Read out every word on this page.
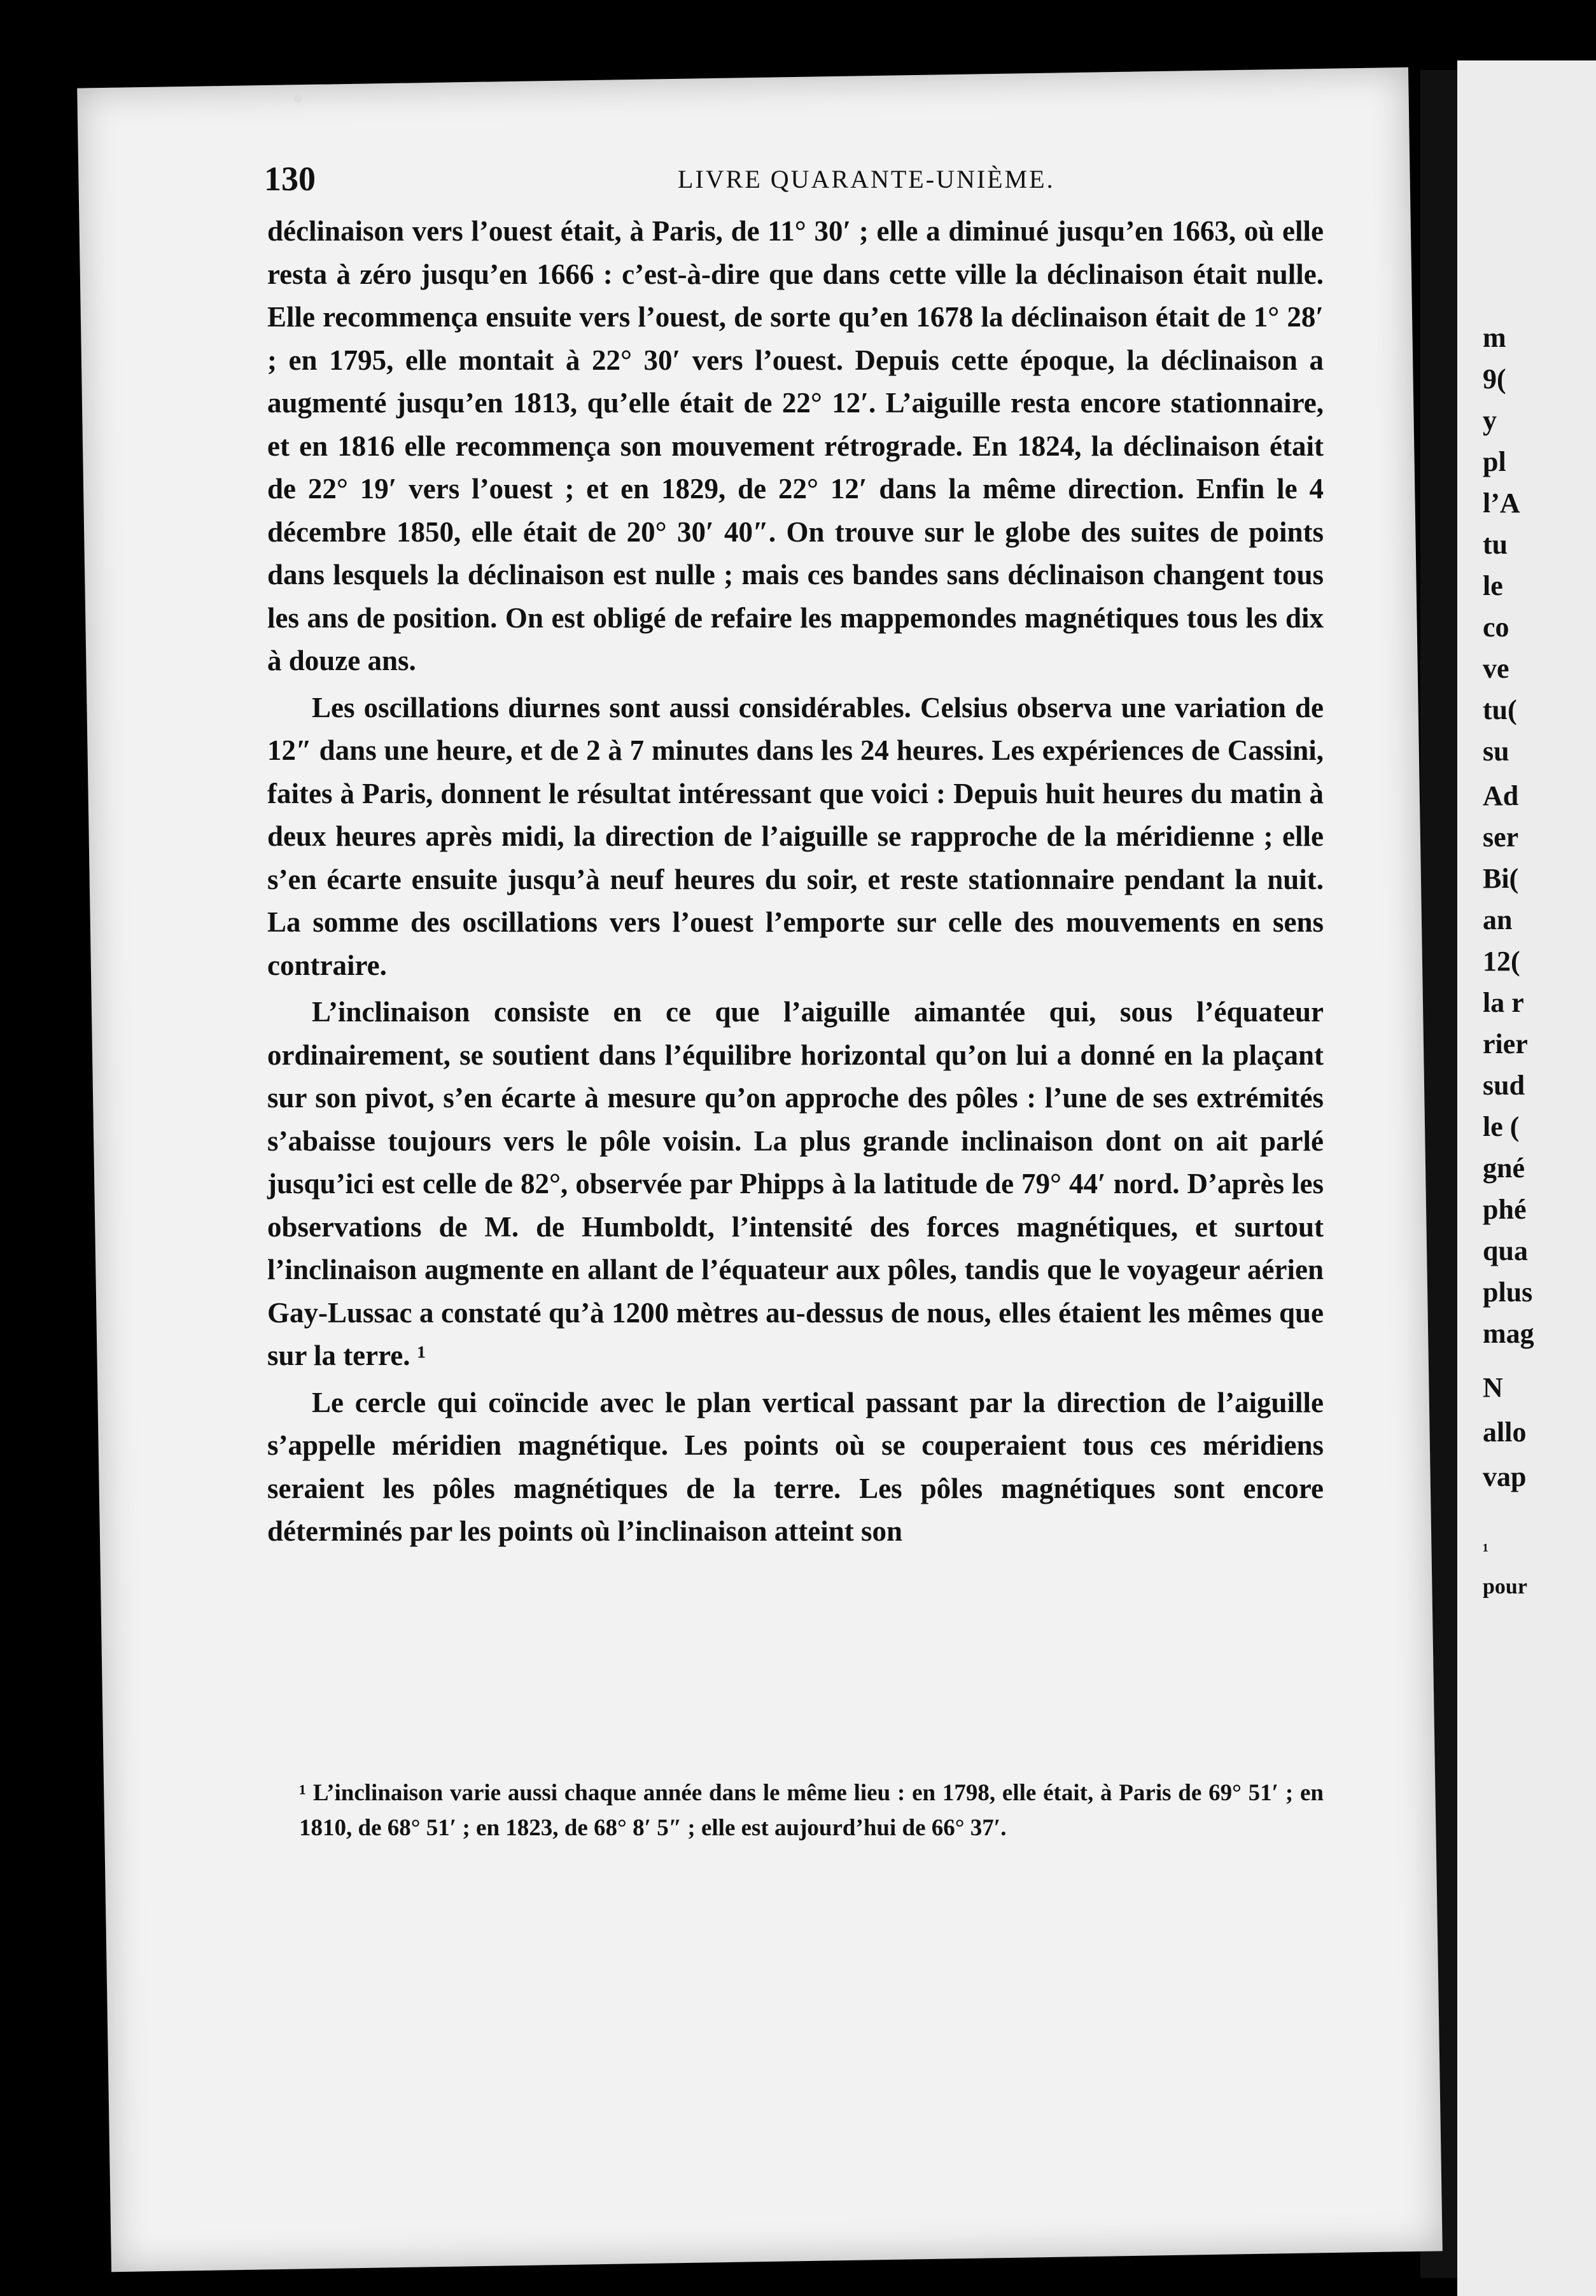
m
9(
y
pl
l’A
tu
le
co
ve
tu(
su
Ad
ser
Bi(
an
12(
la r
rier
sud
le (
gné
phé
qua
plus
mag
N
allo
vap
¹
pour
130	LIVRE QUARANTE-UNIÈME.

déclinaison vers l’ouest était, à Paris, de 11° 30′ ; elle a diminué jusqu’en 1663, où elle resta à zéro jusqu’en 1666 : c’est-à-dire que dans cette ville la déclinaison était nulle. Elle recommença ensuite vers l’ouest, de sorte qu’en 1678 la déclinaison était de 1° 28′ ; en 1795, elle montait à 22° 30′ vers l’ouest. Depuis cette époque, la déclinaison a augmenté jusqu’en 1813, qu’elle était de 22° 12′. L’aiguille resta encore stationnaire, et en 1816 elle recommença son mouvement rétrograde. En 1824, la déclinaison était de 22° 19′ vers l’ouest ; et en 1829, de 22° 12′ dans la même direction. Enfin le 4 décembre 1850, elle était de 20° 30′ 40″. On trouve sur le globe des suites de points dans lesquels la déclinaison est nulle ; mais ces bandes sans déclinaison changent tous les ans de position. On est obligé de refaire les mappemondes magnétiques tous les dix à douze ans.

Les oscillations diurnes sont aussi considérables. Celsius observa une variation de 12″ dans une heure, et de 2 à 7 minutes dans les 24 heures. Les expériences de Cassini, faites à Paris, donnent le résultat intéressant que voici : Depuis huit heures du matin à deux heures après midi, la direction de l’aiguille se rapproche de la méridienne ; elle s’en écarte ensuite jusqu’à neuf heures du soir, et reste stationnaire pendant la nuit. La somme des oscillations vers l’ouest l’emporte sur celle des mouvements en sens contraire.

L’inclinaison consiste en ce que l’aiguille aimantée qui, sous l’équateur ordinairement, se soutient dans l’équilibre horizontal qu’on lui a donné en la plaçant sur son pivot, s’en écarte à mesure qu’on approche des pôles : l’une de ses extrémités s’abaisse toujours vers le pôle voisin. La plus grande inclinaison dont on ait parlé jusqu’ici est celle de 82°, observée par Phipps à la latitude de 79° 44′ nord. D’après les observations de M. de Humboldt, l’intensité des forces magnétiques, et surtout l’inclinaison augmente en allant de l’équateur aux pôles, tandis que le voyageur aérien Gay-Lussac a constaté qu’à 1200 mètres au-dessus de nous, elles étaient les mêmes que sur la terre. ¹

Le cercle qui coïncide avec le plan vertical passant par la direction de l’aiguille s’appelle méridien magnétique. Les points où se couperaient tous ces méridiens seraient les pôles magnétiques de la terre. Les pôles magnétiques sont encore déterminés par les points où l’inclinaison atteint son

¹ L’inclinaison varie aussi chaque année dans le même lieu : en 1798, elle était, à Paris de 69° 51′ ; en 1810, de 68° 51′ ; en 1823, de 68° 8′ 5″ ; elle est aujourd’hui de 66° 37′.
